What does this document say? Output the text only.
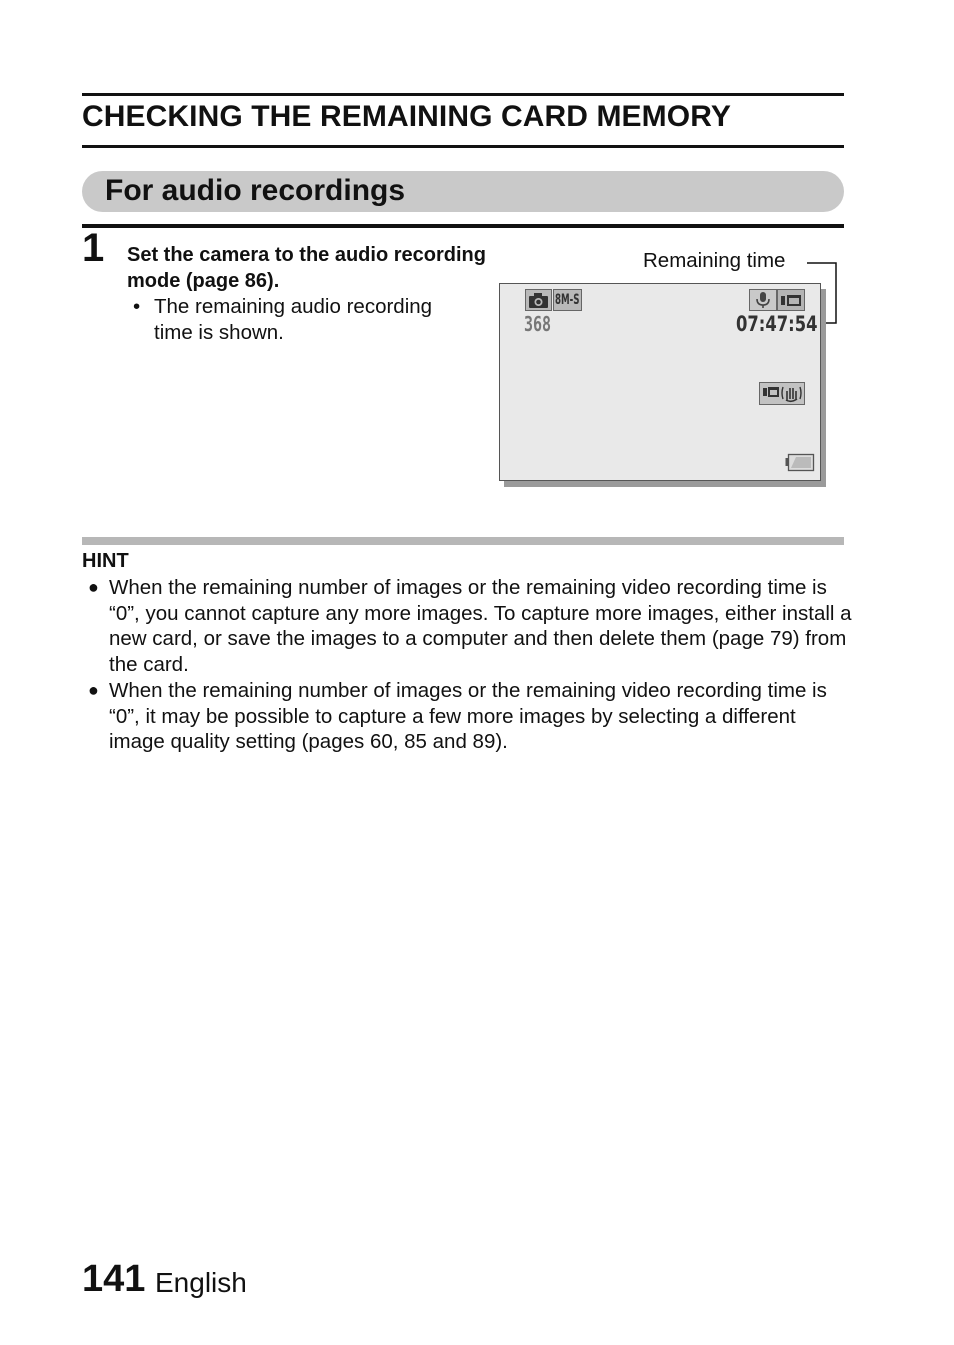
CHECKING THE REMAINING CARD MEMORY
For audio recordings
1 Set the camera to the audio recording mode (page 86).
• The remaining audio recording time is shown.
Remaining time
8M-S
368	07:47:54
HINT
● When the remaining number of images or the remaining video recording time is “0”, you cannot capture any more images. To capture more images, either install a new card, or save the images to a computer and then delete them (page 79) from the card.
● When the remaining number of images or the remaining video recording time is “0”, it may be possible to capture a few more images by selecting a different image quality setting (pages 60, 85 and 89).
141 English
